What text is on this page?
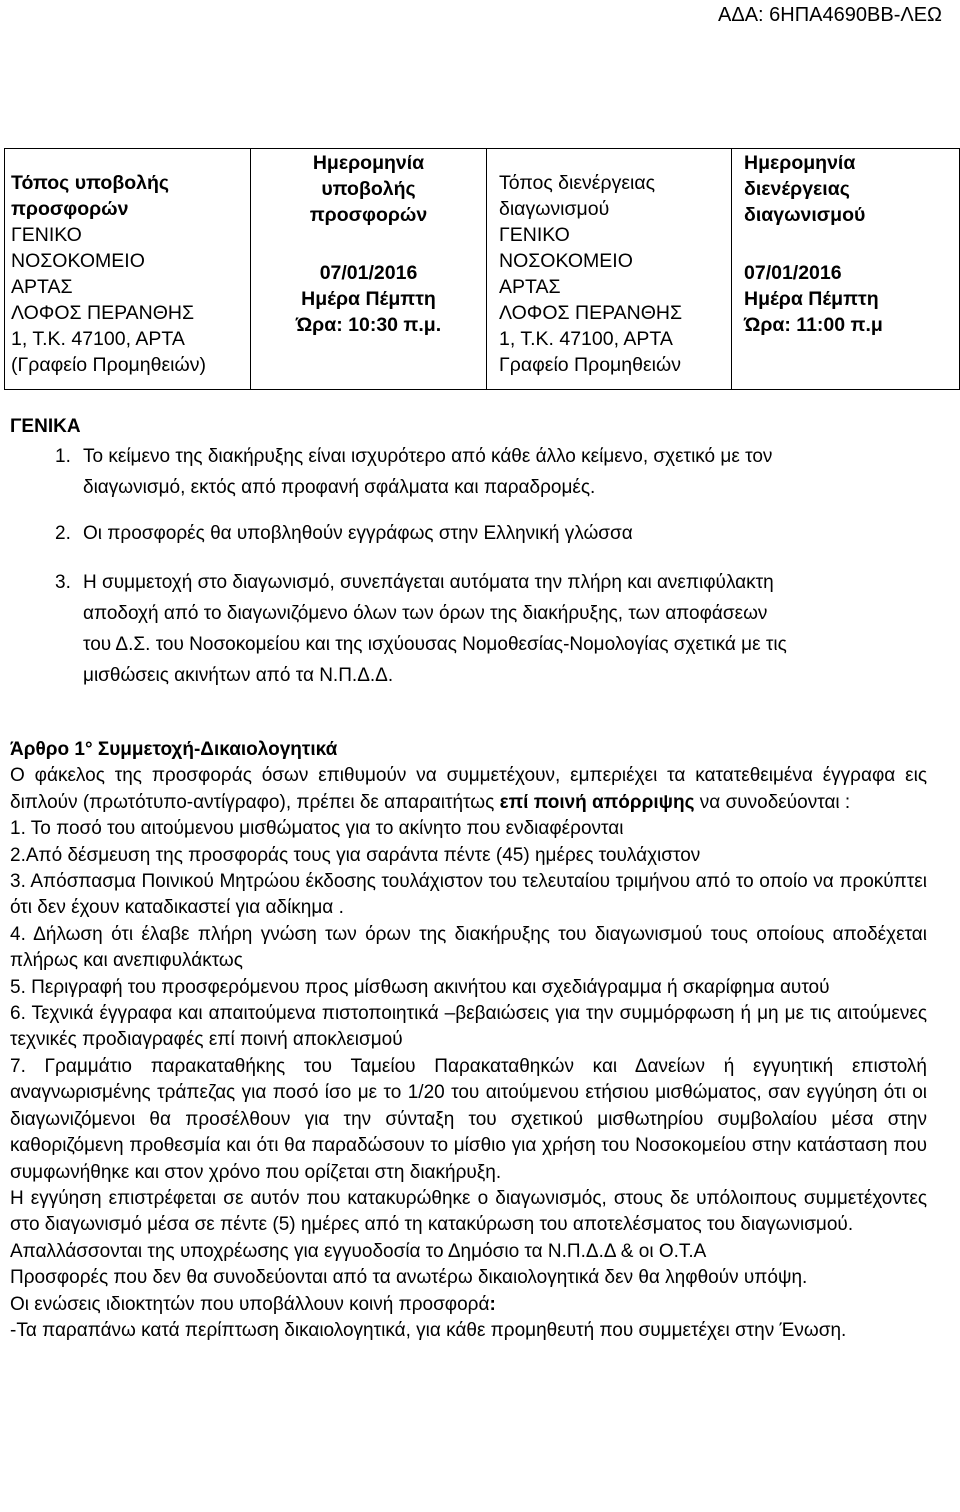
ΑΔΑ: 6ΗΠΑ4690ΒΒ-ΛΕΩ
Τόπος υποβολής
προσφορών
ΓΕΝΙΚΟ
ΝΟΣΟΚΟΜΕΙΟ
ΑΡΤΑΣ
ΛΟΦΟΣ ΠΕΡΑΝΘΗΣ
1, Τ.Κ. 47100, ΑΡΤΑ
(Γραφείο Προμηθειών)

Ημερομηνία
υποβολής
προσφορών
07/01/2016
Ημέρα Πέμπτη
Ώρα: 10:30 π.μ.

Τόπος διενέργειας
διαγωνισμού
ΓΕΝΙΚΟ
ΝΟΣΟΚΟΜΕΙΟ
ΑΡΤΑΣ
ΛΟΦΟΣ ΠΕΡΑΝΘΗΣ
1, Τ.Κ. 47100, ΑΡΤΑ
Γραφείο Προμηθειών

Ημερομηνία
διενέργειας
διαγωνισμού
07/01/2016
Ημέρα Πέμπτη
Ώρα: 11:00 π.μ
ΓΕΝΙΚΑ
1. Το κείμενο της διακήρυξης είναι ισχυρότερο από κάθε άλλο κείμενο, σχετικό με τον
διαγωνισμό, εκτός από προφανή σφάλματα και παραδρομές.
2. Οι προσφορές θα υποβληθούν εγγράφως στην Ελληνική γλώσσα
3. Η συμμετοχή στο διαγωνισμό, συνεπάγεται αυτόματα την πλήρη και ανεπιφύλακτη
αποδοχή από το διαγωνιζόμενο όλων των όρων της διακήρυξης, των αποφάσεων
του Δ.Σ. του Νοσοκομείου και της ισχύουσας Νομοθεσίας-Νομολογίας σχετικά με τις
μισθώσεις ακινήτων από τα Ν.Π.Δ.Δ.

Άρθρο 1° Συμμετοχή-Δικαιολογητικά

Ο φάκελος της προσφοράς όσων επιθυμούν να συμμετέχουν, εμπεριέχει τα κατατεθειμένα έγγραφα εις διπλούν (πρωτότυπο-αντίγραφο), πρέπει δε απαραιτήτως επί ποινή απόρριψης να συνοδεύονται :

1. Το ποσό του αιτούμενου μισθώματος για το ακίνητο που ενδιαφέρονται

2.Από δέσμευση της προσφοράς τους για σαράντα πέντε (45) ημέρες τουλάχιστον

3. Απόσπασμα Ποινικού Μητρώου έκδοσης τουλάχιστον του τελευταίου τριμήνου από το οποίο να προκύπτει ότι δεν έχουν καταδικαστεί για αδίκημα .

4. Δήλωση ότι έλαβε πλήρη γνώση των όρων της διακήρυξης του διαγωνισμού τους οποίους αποδέχεται πλήρως και ανεπιφυλάκτως

5. Περιγραφή του προσφερόμενου προς μίσθωση ακινήτου και σχεδιάγραμμα ή σκαρίφημα αυτού

6. Τεχνικά έγγραφα και απαιτούμενα πιστοποιητικά –βεβαιώσεις για την συμμόρφωση ή μη με τις αιτούμενες τεχνικές προδιαγραφές επί ποινή αποκλεισμού

7. Γραμμάτιο παρακαταθήκης του Ταμείου Παρακαταθηκών και Δανείων ή εγγυητική επιστολή αναγνωρισμένης τράπεζας για ποσό ίσο με το 1/20 του αιτούμενου ετήσιου μισθώματος, σαν εγγύηση ότι οι διαγωνιζόμενοι θα προσέλθουν για την σύνταξη του σχετικού μισθωτηρίου συμβολαίου μέσα στην καθοριζόμενη προθεσμία και ότι θα παραδώσουν το μίσθιο για χρήση του Νοσοκομείου στην κατάσταση που συμφωνήθηκε και στον χρόνο που ορίζεται στη διακήρυξη.

Η εγγύηση επιστρέφεται σε αυτόν που κατακυρώθηκε ο διαγωνισμός, στους δε υπόλοιπους συμμετέχοντες στο διαγωνισμό μέσα σε πέντε (5) ημέρες από τη κατακύρωση του αποτελέσματος του διαγωνισμού.

Απαλλάσσονται της υποχρέωσης για εγγυοδοσία το Δημόσιο τα Ν.Π.Δ.Δ & οι Ο.Τ.Α

Προσφορές που δεν θα συνοδεύονται από τα ανωτέρω δικαιολογητικά δεν θα ληφθούν υπόψη.

Οι ενώσεις ιδιοκτητών που υποβάλλουν κοινή προσφορά:

-Τα παραπάνω κατά περίπτωση δικαιολογητικά, για κάθε προμηθευτή που συμμετέχει στην Ένωση.
